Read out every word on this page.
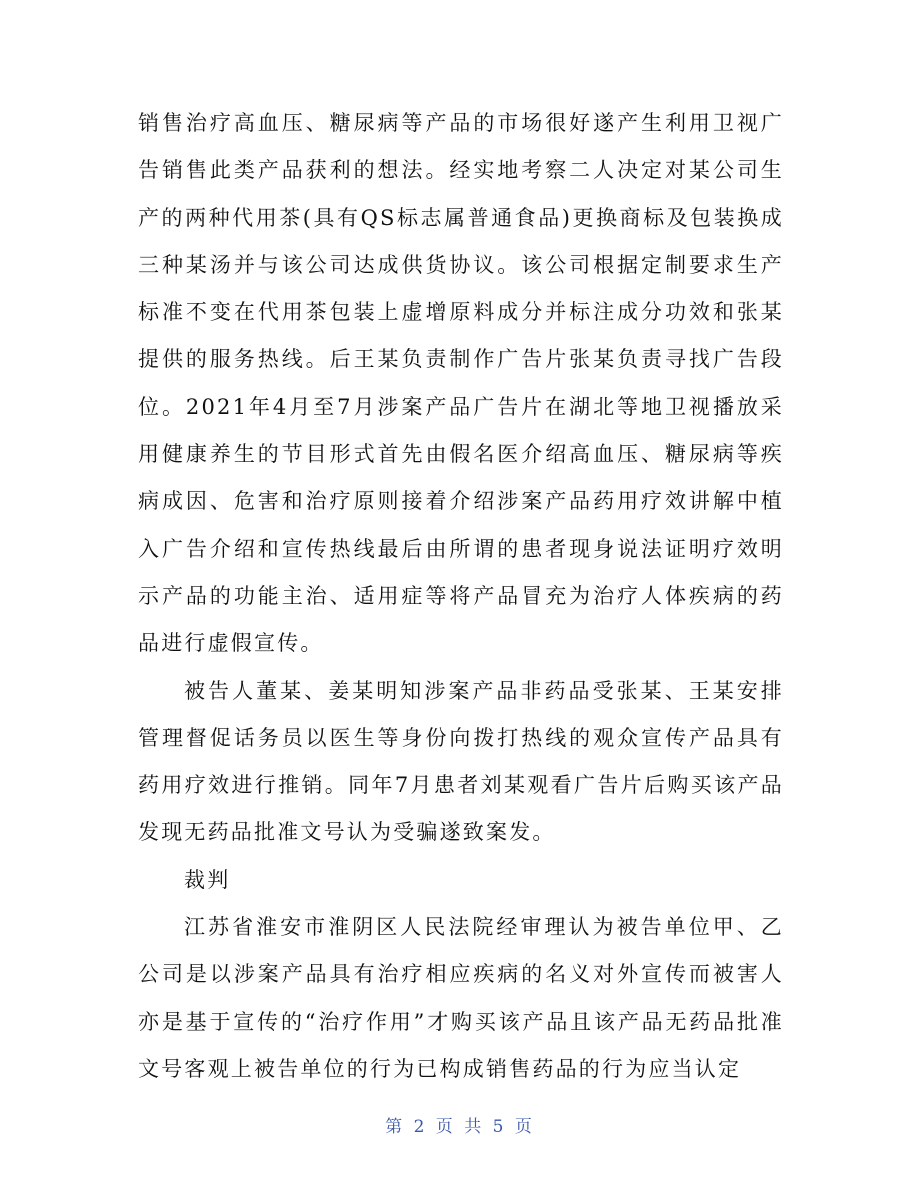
销售治疗高血压、糖尿病等产品的市场很好遂产生利用卫视广告销售此类产品获利的想法。经实地考察二人决定对某公司生产的两种代用茶(具有QS标志属普通食品)更换商标及包装换成三种某汤并与该公司达成供货协议。该公司根据定制要求生产标准不变在代用茶包装上虚增原料成分并标注成分功效和张某提供的服务热线。后王某负责制作广告片张某负责寻找广告段位。2021年4月至7月涉案产品广告片在湖北等地卫视播放采用健康养生的节目形式首先由假名医介绍高血压、糖尿病等疾病成因、危害和治疗原则接着介绍涉案产品药用疗效讲解中植入广告介绍和宣传热线最后由所谓的患者现身说法证明疗效明示产品的功能主治、适用症等将产品冒充为治疗人体疾病的药品进行虚假宣传。

被告人董某、姜某明知涉案产品非药品受张某、王某安排管理督促话务员以医生等身份向拨打热线的观众宣传产品具有药用疗效进行推销。同年7月患者刘某观看广告片后购买该产品发现无药品批准文号认为受骗遂致案发。

裁判

江苏省淮安市淮阴区人民法院经审理认为被告单位甲、乙公司是以涉案产品具有治疗相应疾病的名义对外宣传而被害人亦是基于宣传的“治疗作用”才购买该产品且该产品无药品批准文号客观上被告单位的行为已构成销售药品的行为应当认定

第 2 页 共 5 页
